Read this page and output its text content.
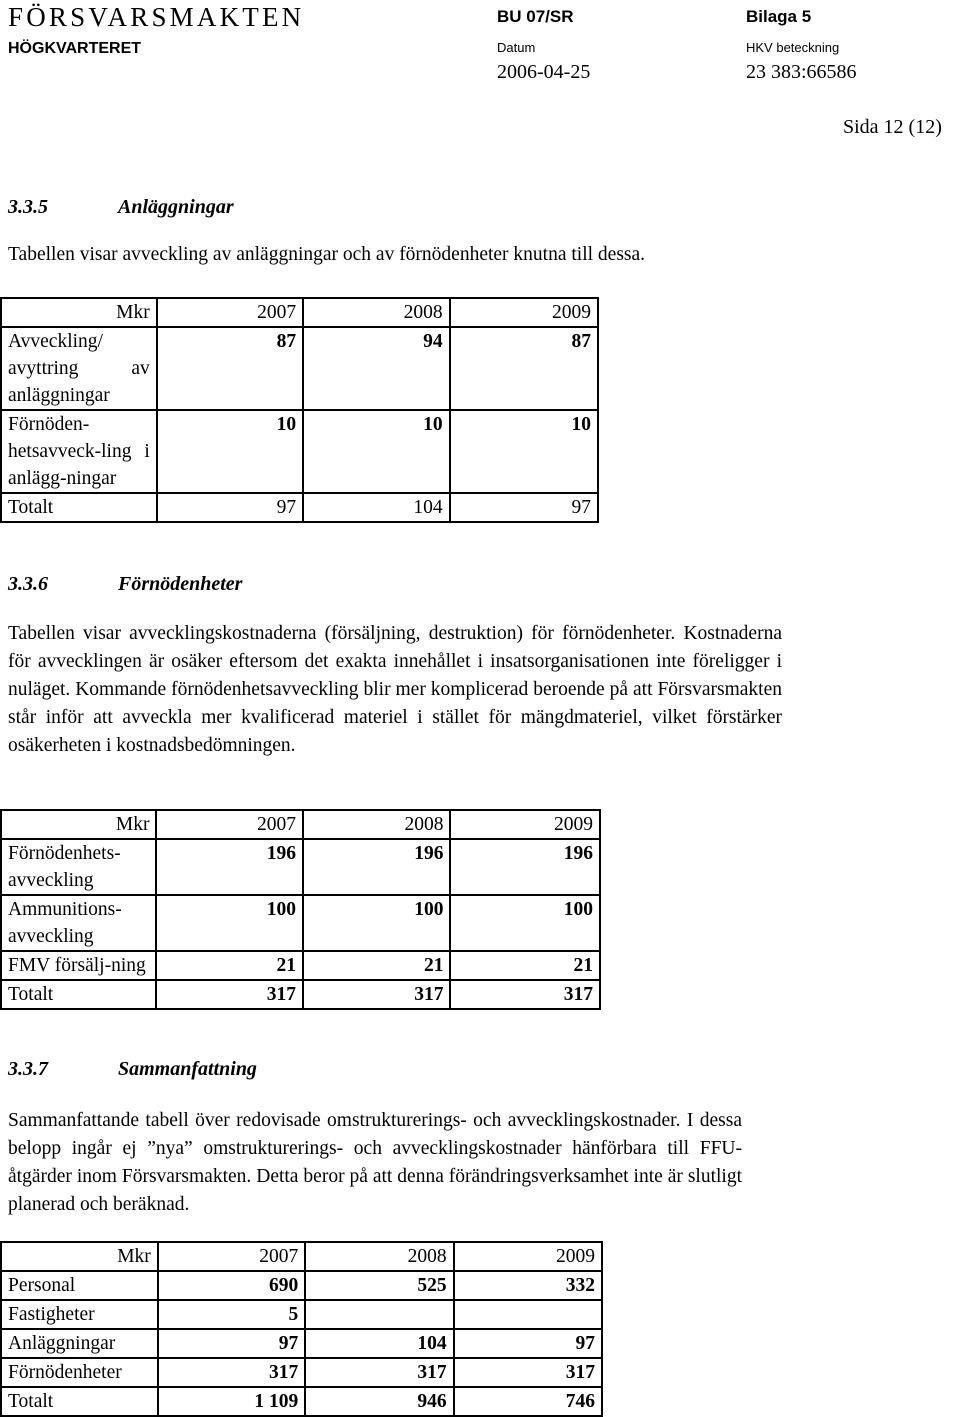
FÖRSVARSMAKTEN
HÖGKVARTERET
BU 07/SR	Bilaga 5
Datum	HKV beteckning
2006-04-25	23 383:66586
Sida 12 (12)
3.3.5	Anläggningar
Tabellen visar avveckling av anläggningar och av förnödenheter knutna till dessa.
Mkr	2007	2008	2009
Avveckling/ avyttring av anläggningar	87	94	87
Förnöden-hetsavveck-ling i anlägg-ningar	10	10	10
Totalt	97	104	97
3.3.6	Förnödenheter

Tabellen visar avvecklingskostnaderna (försäljning, destruktion) för förnödenheter. Kostnaderna för avvecklingen är osäker eftersom det exakta innehållet i insatsorganisationen inte föreligger i nuläget. Kommande förnödenhetsavveckling blir mer komplicerad beroende på att Försvarsmakten står inför att avveckla mer kvalificerad materiel i stället för mängdmateriel, vilket förstärker osäkerheten i kostnadsbedömningen.

Mkr	2007	2008	2009
Förnödenhets-avveckling	196	196	196
Ammunitions-avveckling	100	100	100
FMV försälj-ning	21	21	21
Totalt	317	317	317
3.3.7	Sammanfattning

Sammanfattande tabell över redovisade omstrukturerings- och avvecklingskostnader. I dessa belopp ingår ej ”nya” omstrukturerings- och avvecklingskostnader hänförbara till FFU-åtgärder inom Försvarsmakten. Detta beror på att denna förändringsverksamhet inte är slutligt planerad och beräknad.

Mkr	2007	2008	2009
Personal	690	525	332
Fastigheter	5		
Anläggningar	97	104	97
Förnödenheter	317	317	317
Totalt	1 109	946	746
